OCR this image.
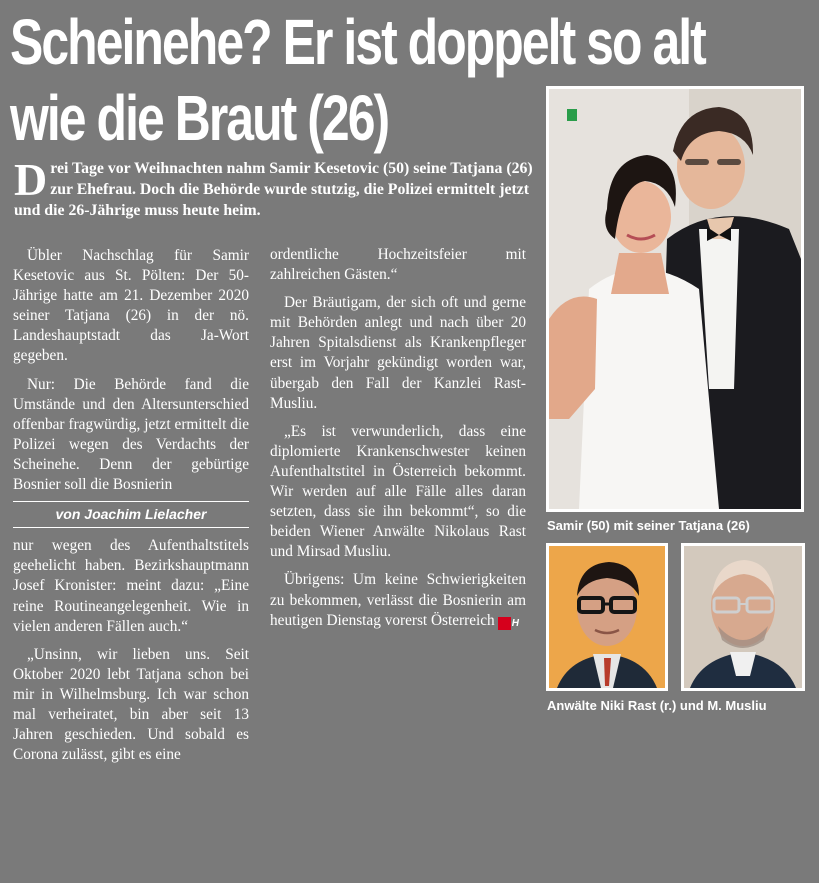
Scheinehe? Er ist doppelt so alt
wie die Braut (26)
Drei Tage vor Weihnachten nahm Samir Kesetovic (50) seine Tatjana (26) zur Ehefrau. Doch die Behörde wurde stutzig, die Polizei ermittelt jetzt und die 26-Jährige muss heute heim.

Übler Nachschlag für Samir Kesetovic aus St. Pölten: Der 50-Jährige hatte am 21. Dezember 2020 seiner Tatjana (26) in der nö. Landeshauptstadt das Ja-Wort gegeben.

Nur: Die Behörde fand die Umstände und den Altersunterschied offenbar fragwürdig, jetzt ermittelt die Polizei wegen des Verdachts der Scheinehe. Denn der gebürtige Bosnier soll die Bosnierin

von Joachim Lielacher

nur wegen des Aufenthaltstitels geehelicht haben. Bezirkshauptmann Josef Kronister: meint dazu: „Eine reine Routineangelegenheit. Wie in vielen anderen Fällen auch.“

„Unsinn, wir lieben uns. Seit Oktober 2020 lebt Tatjana schon bei mir in Wilhelmsburg. Ich war schon mal verheiratet, bin aber seit 13 Jahren geschieden. Und sobald es Corona zulässt, gibt es eine

ordentliche Hochzeitsfeier mit zahlreichen Gästen.“

Der Bräutigam, der sich oft und gerne mit Behörden anlegt und nach über 20 Jahren Spitalsdienst als Krankenpfleger erst im Vorjahr gekündigt worden war, übergab den Fall der Kanzlei Rast-Musliu.

„Es ist verwunderlich, dass eine diplomierte Krankenschwester keinen Aufenthaltstitel in Österreich bekommt. Wir werden auf alle Fälle alles daran setzten, dass sie ihn bekommt“, so die beiden Wiener Anwälte Nikolaus Rast und Mirsad Musliu.

Übrigens: Um keine Schwierigkeiten zu bekommen, verlässt die Bosnierin am heutigen Dienstag vorerst Österreich H

Samir (50) mit seiner Tatjana (26)
Anwälte Niki Rast (r.) und M. Musliu
